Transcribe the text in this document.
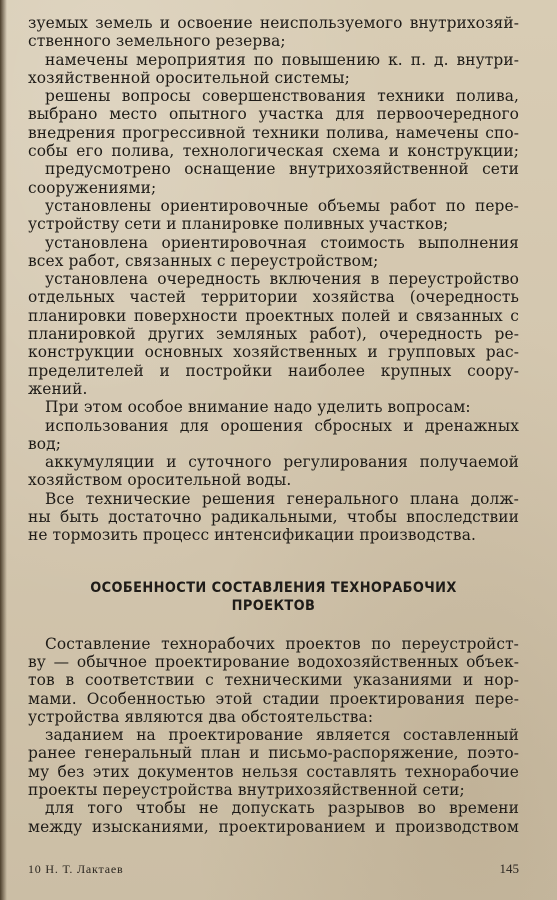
зуемых земель и освоение неиспользуемого внутрихозяй-
ственного земельного резерва;
намечены мероприятия по повышению к. п. д. внутри-
хозяйственной оросительной системы;
решены вопросы совершенствования техники полива,
выбрано место опытного участка для первоочередного
внедрения прогрессивной техники полива, намечены спо-
собы его полива, технологическая схема и конструкции;
предусмотрено оснащение внутрихозяйственной сети
сооружениями;
установлены ориентировочные объемы работ по пере-
устройству сети и планировке поливных участков;
установлена ориентировочная стоимость выполнения
всех работ, связанных с переустройством;
установлена очередность включения в переустройство
отдельных частей территории хозяйства (очередность
планировки поверхности проектных полей и связанных с
планировкой других земляных работ), очередность ре-
конструкции основных хозяйственных и групповых рас-
пределителей и постройки наиболее крупных соору-
жений.
При этом особое внимание надо уделить вопросам:
использования для орошения сбросных и дренажных
вод;
аккумуляции и суточного регулирования получаемой
хозяйством оросительной воды.
Все технические решения генерального плана долж-
ны быть достаточно радикальными, чтобы впоследствии
не тормозить процесс интенсификации производства.
ОСОБЕННОСТИ СОСТАВЛЕНИЯ ТЕХНОРАБОЧИХ
ПРОЕКТОВ
Составление технорабочих проектов по переустройст-
ву — обычное проектирование водохозяйственных объек-
тов в соответствии с техническими указаниями и нор-
мами. Особенностью этой стадии проектирования пере-
устройства являются два обстоятельства:
заданием на проектирование является составленный
ранее генеральный план и письмо-распоряжение, поэто-
му без этих документов нельзя составлять технорабочие
проекты переустройства внутрихозяйственной сети;
для того чтобы не допускать разрывов во времени
между изысканиями, проектированием и производством
10 Н. Т. Лактаев	145
